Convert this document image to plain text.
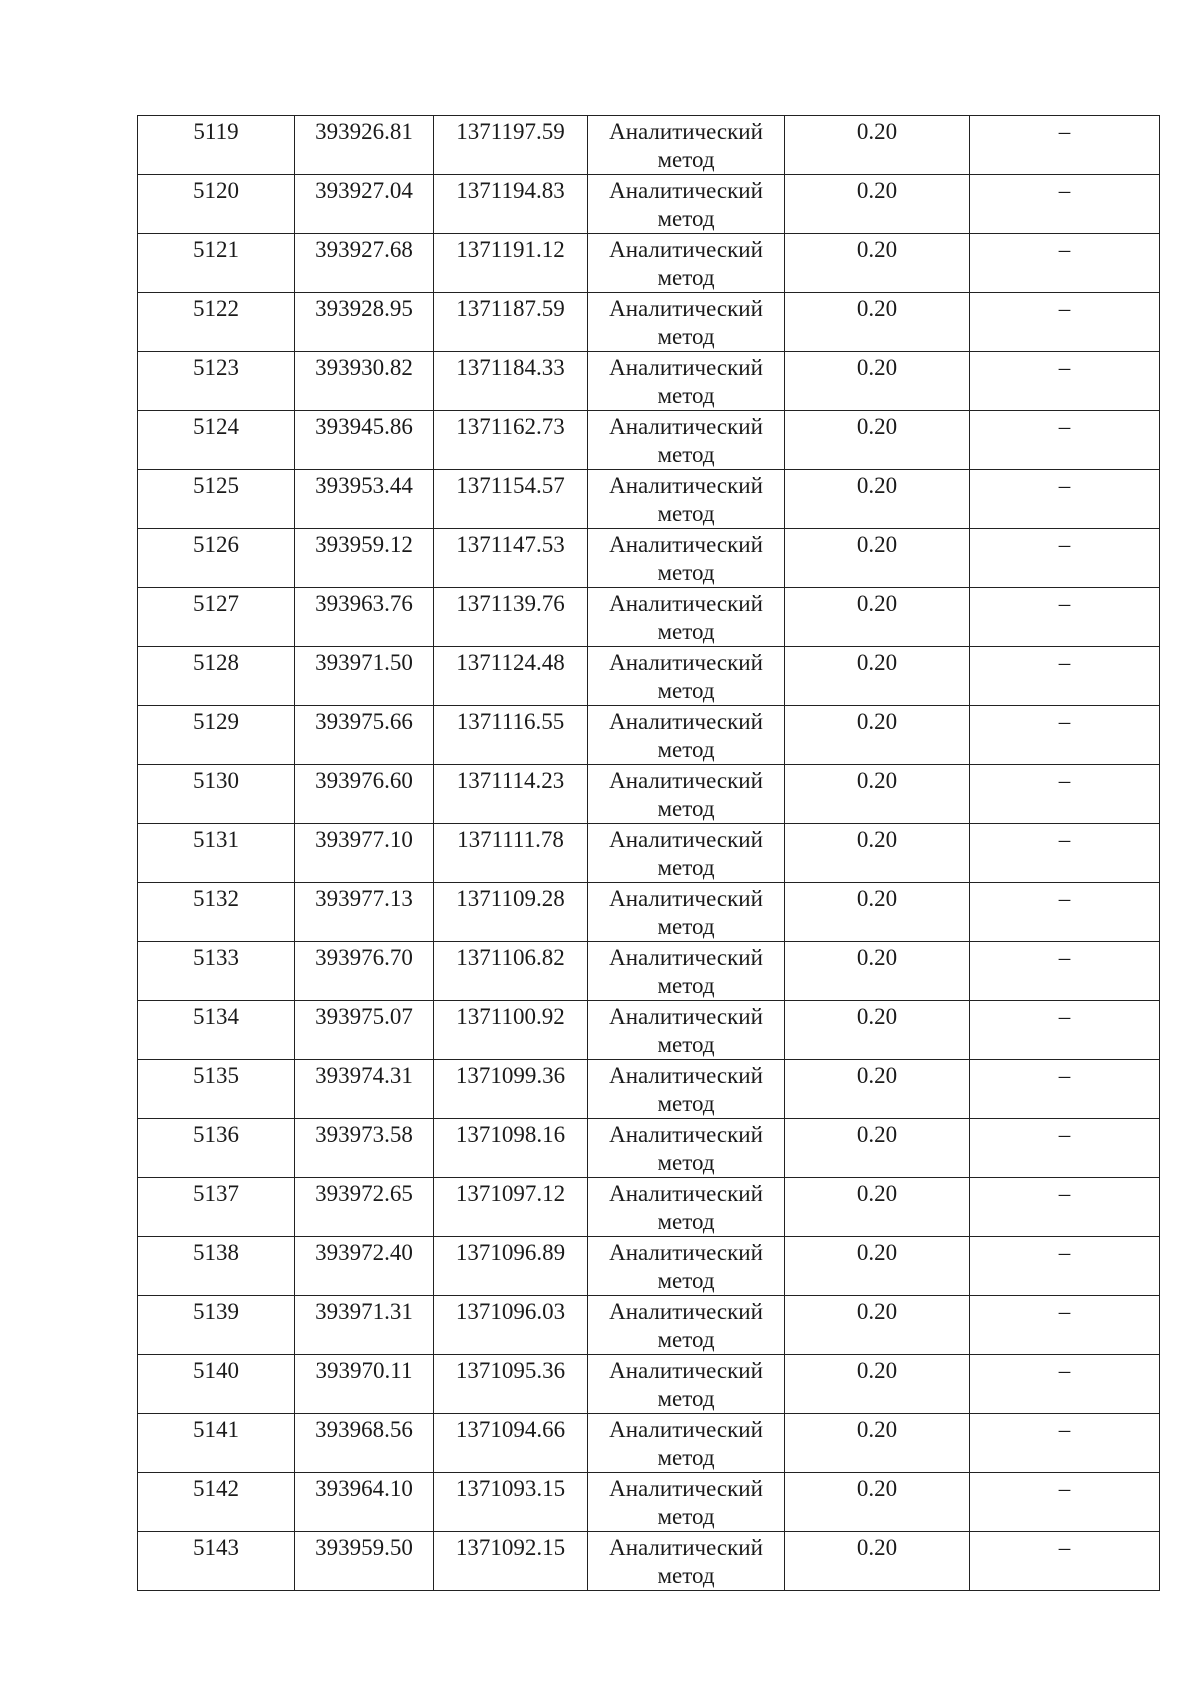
5119	393926.81	1371197.59	Аналитический метод	0.20	–
5120	393927.04	1371194.83	Аналитический метод	0.20	–
5121	393927.68	1371191.12	Аналитический метод	0.20	–
5122	393928.95	1371187.59	Аналитический метод	0.20	–
5123	393930.82	1371184.33	Аналитический метод	0.20	–
5124	393945.86	1371162.73	Аналитический метод	0.20	–
5125	393953.44	1371154.57	Аналитический метод	0.20	–
5126	393959.12	1371147.53	Аналитический метод	0.20	–
5127	393963.76	1371139.76	Аналитический метод	0.20	–
5128	393971.50	1371124.48	Аналитический метод	0.20	–
5129	393975.66	1371116.55	Аналитический метод	0.20	–
5130	393976.60	1371114.23	Аналитический метод	0.20	–
5131	393977.10	1371111.78	Аналитический метод	0.20	–
5132	393977.13	1371109.28	Аналитический метод	0.20	–
5133	393976.70	1371106.82	Аналитический метод	0.20	–
5134	393975.07	1371100.92	Аналитический метод	0.20	–
5135	393974.31	1371099.36	Аналитический метод	0.20	–
5136	393973.58	1371098.16	Аналитический метод	0.20	–
5137	393972.65	1371097.12	Аналитический метод	0.20	–
5138	393972.40	1371096.89	Аналитический метод	0.20	–
5139	393971.31	1371096.03	Аналитический метод	0.20	–
5140	393970.11	1371095.36	Аналитический метод	0.20	–
5141	393968.56	1371094.66	Аналитический метод	0.20	–
5142	393964.10	1371093.15	Аналитический метод	0.20	–
5143	393959.50	1371092.15	Аналитический метод	0.20	–
